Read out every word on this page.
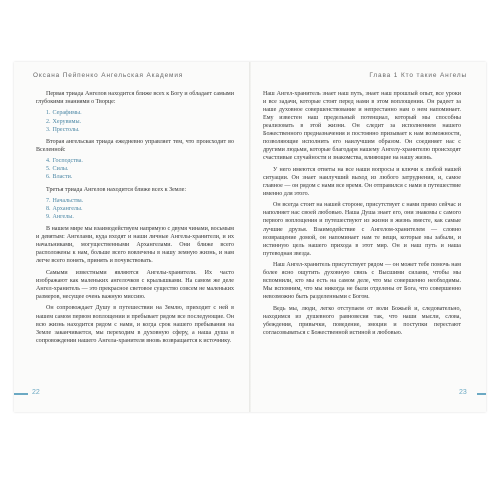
Оксана Пейпенко Ангельская Академия	Глава 1 Кто такие Ангелы

Первая триада Ангелов находится ближе всех к Богу и обладает самыми глубокими знаниями о Творце:

1. Серафимы.
2. Херувимы.
3. Престолы.

Вторая ангельская триада ежедневно управляет тем, что происходит во Вселенной:

4. Господства.
5. Силы.
6. Власти.

Третья триада Ангелов находится ближе всех к Земле:

7. Начальства.
8. Архангелы.
9. Ангелы.

В нашем мире мы взаимодействуем напрямую с двумя чинами, восьмым и девятым: Ангелами, куда входят и наши личные Ангелы-хранители, и их начальниками, могущественными Архангелами. Они ближе всего расположены к нам, больше всего вовлечены в нашу земную жизнь, и нам легче всего понять, принять и почувствовать.

Самыми известными являются Ангелы-хранители. Их часто изображают как маленьких ангелочков с крылышками. На самом же деле Ангел-хранитель — это прекрасное световое существо совсем не маленьких размеров, несущее очень важную миссию.

Он сопровождает Душу в путешествии на Землю, приходит с ней в нашем самом первом воплощении и пребывает рядом все последующие. Он всю жизнь находится рядом с нами, и когда срок нашего пребывания на Земле заканчивается, мы переходим в духовную сферу, а наша душа в сопровождении нашего Ангела-хранителя вновь возвращается к источнику.

Наш Ангел-хранитель знает наш путь, знает наш прошлый опыт, все уроки и все задачи, которые стоят перед нами в этом воплощении. Он радеет за наше духовное совершенствование и непрестанно нам о нем напоминает. Ему известен наш предельный потенциал, который мы способны реализовать в этой жизни. Он следит за исполнением нашего Божественного предназначения и постоянно призывает к нам возможности, позволяющие исполнить его наилучшим образом. Он соединяет нас с другими людьми, которые благодаря нашему Ангелу-хранителю происходят счастливые случайности и знакомства, влияющие на нашу жизнь.

У него имеются ответы на все наши вопросы и ключи к любой нашей ситуации. Он знает наилучший выход из любого затруднения, и, самое главное — он рядом с нами все время. Он отправился с нами в путешествие именно для этого.

Он всегда стоит на нашей стороне, присутствует с нами прямо сейчас и наполняет нас своей любовью. Наша Душа знает его, они знакомы с самого первого воплощения и путешествуют из жизни в жизнь вместе, как самые лучшие друзья. Взаимодействие с Ангелом-хранителем — словно возвращение домой, он напоминает нам те вещи, которые мы забыли, и истинную цель нашего прихода в этот мир. Он и наш путь и наша путеводная звезда.

Наш Ангел-хранитель присутствует рядом — он может тебе помочь нам более ясно ощутить духовную связь с Высшими силами, чтобы мы вспомнили, кто мы есть на самом деле, что мы совершенно необходимы. Мы вспомним, что мы никогда не были отделены от Бога, что совершенно невозможно быть разделенными с Богом.

Ведь мы, люди, легко отступаем от воли Божьей и, следовательно, находимся из душевного равновесия так, что наши мысли, слова, убеждения, привычки, поведение, эмоции и поступки перестают согласовываться с Божественной истиной и любовью.

22	23
